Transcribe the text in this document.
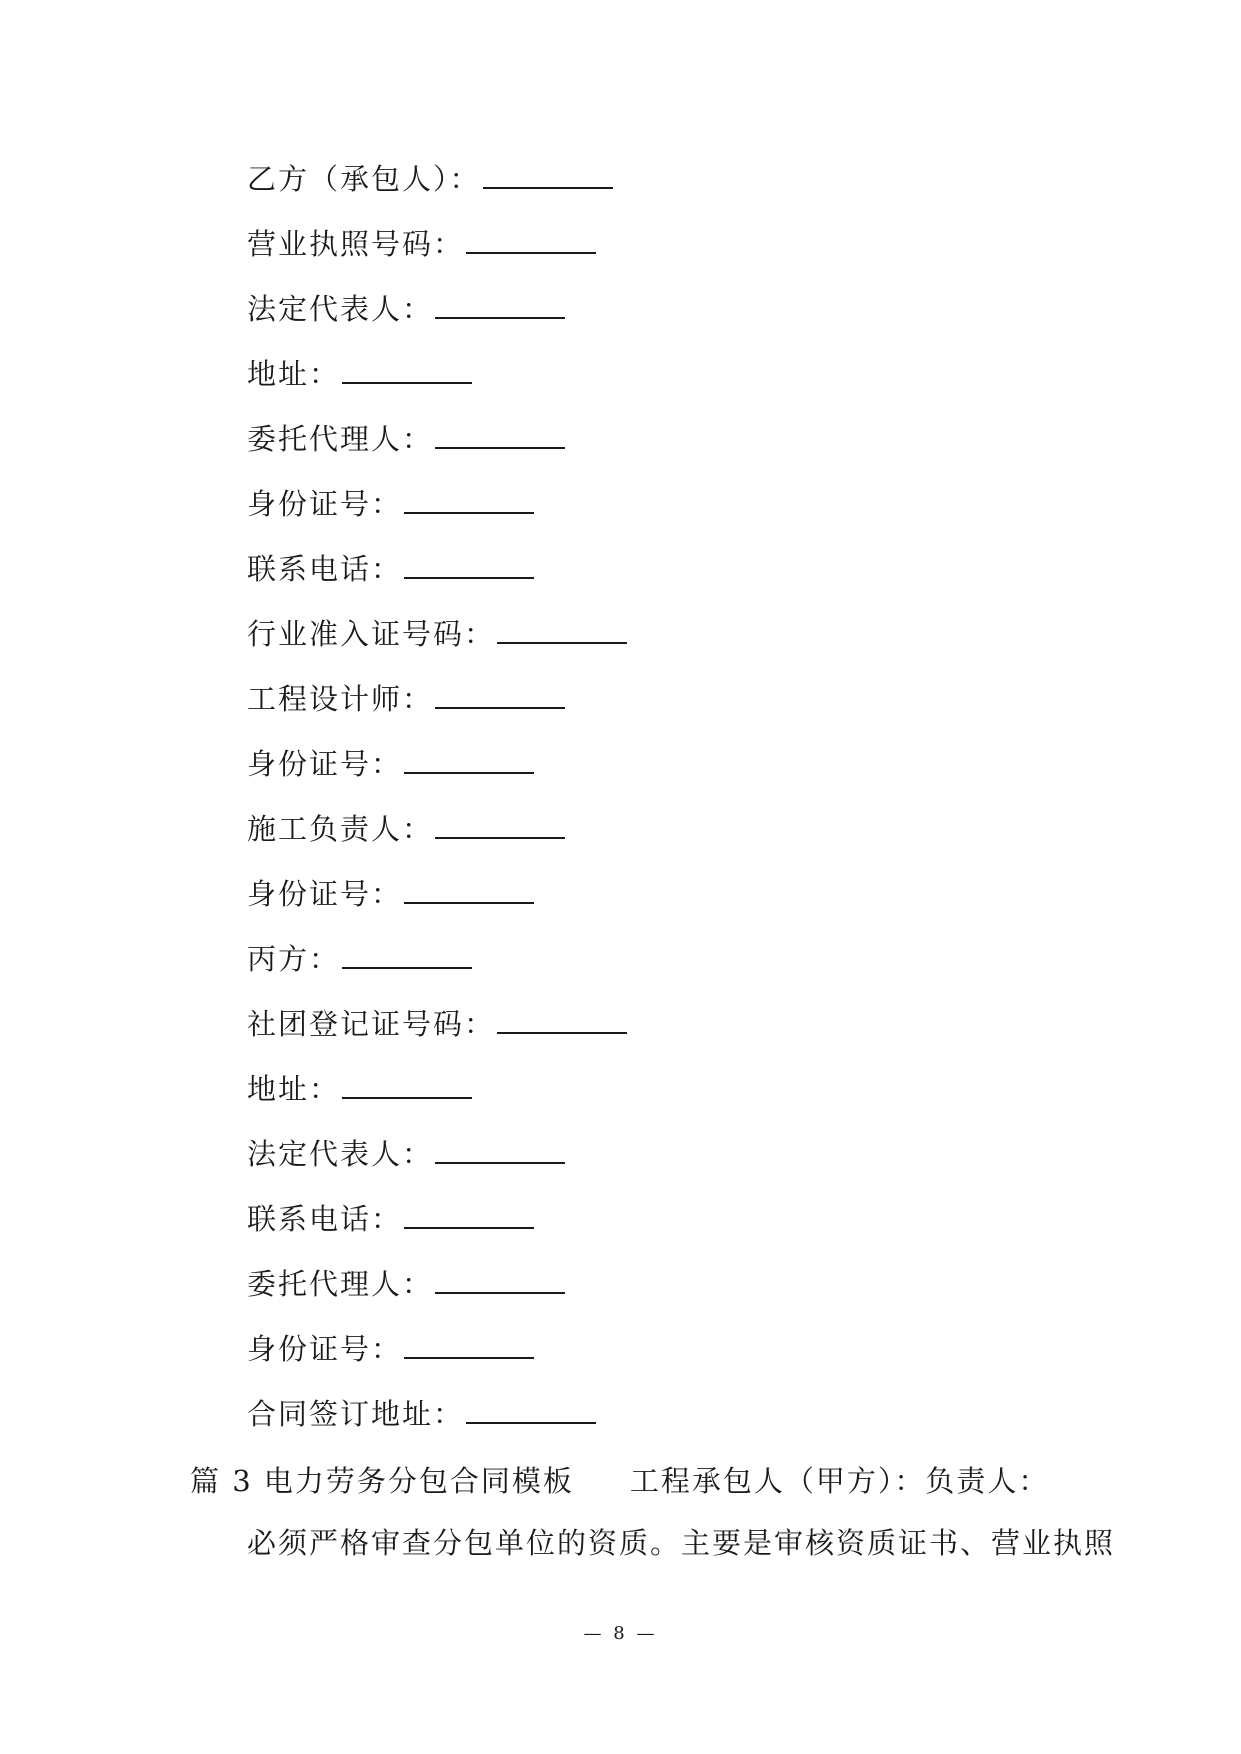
乙方（承包人）：
营业执照号码：
法定代表人：
地址：
委托代理人：
身份证号：
联系电话：
行业准入证号码：
工程设计师：
身份证号：
施工负责人：
身份证号：
丙方：
社团登记证号码：
地址：
法定代表人：
联系电话：
委托代理人：
身份证号：
合同签订地址：
篇 3 电力劳务分包合同模板 工程承包人（甲方）：负责人：
必须严格审查分包单位的资质。主要是审核资质证书、营业执照
— 8 —
